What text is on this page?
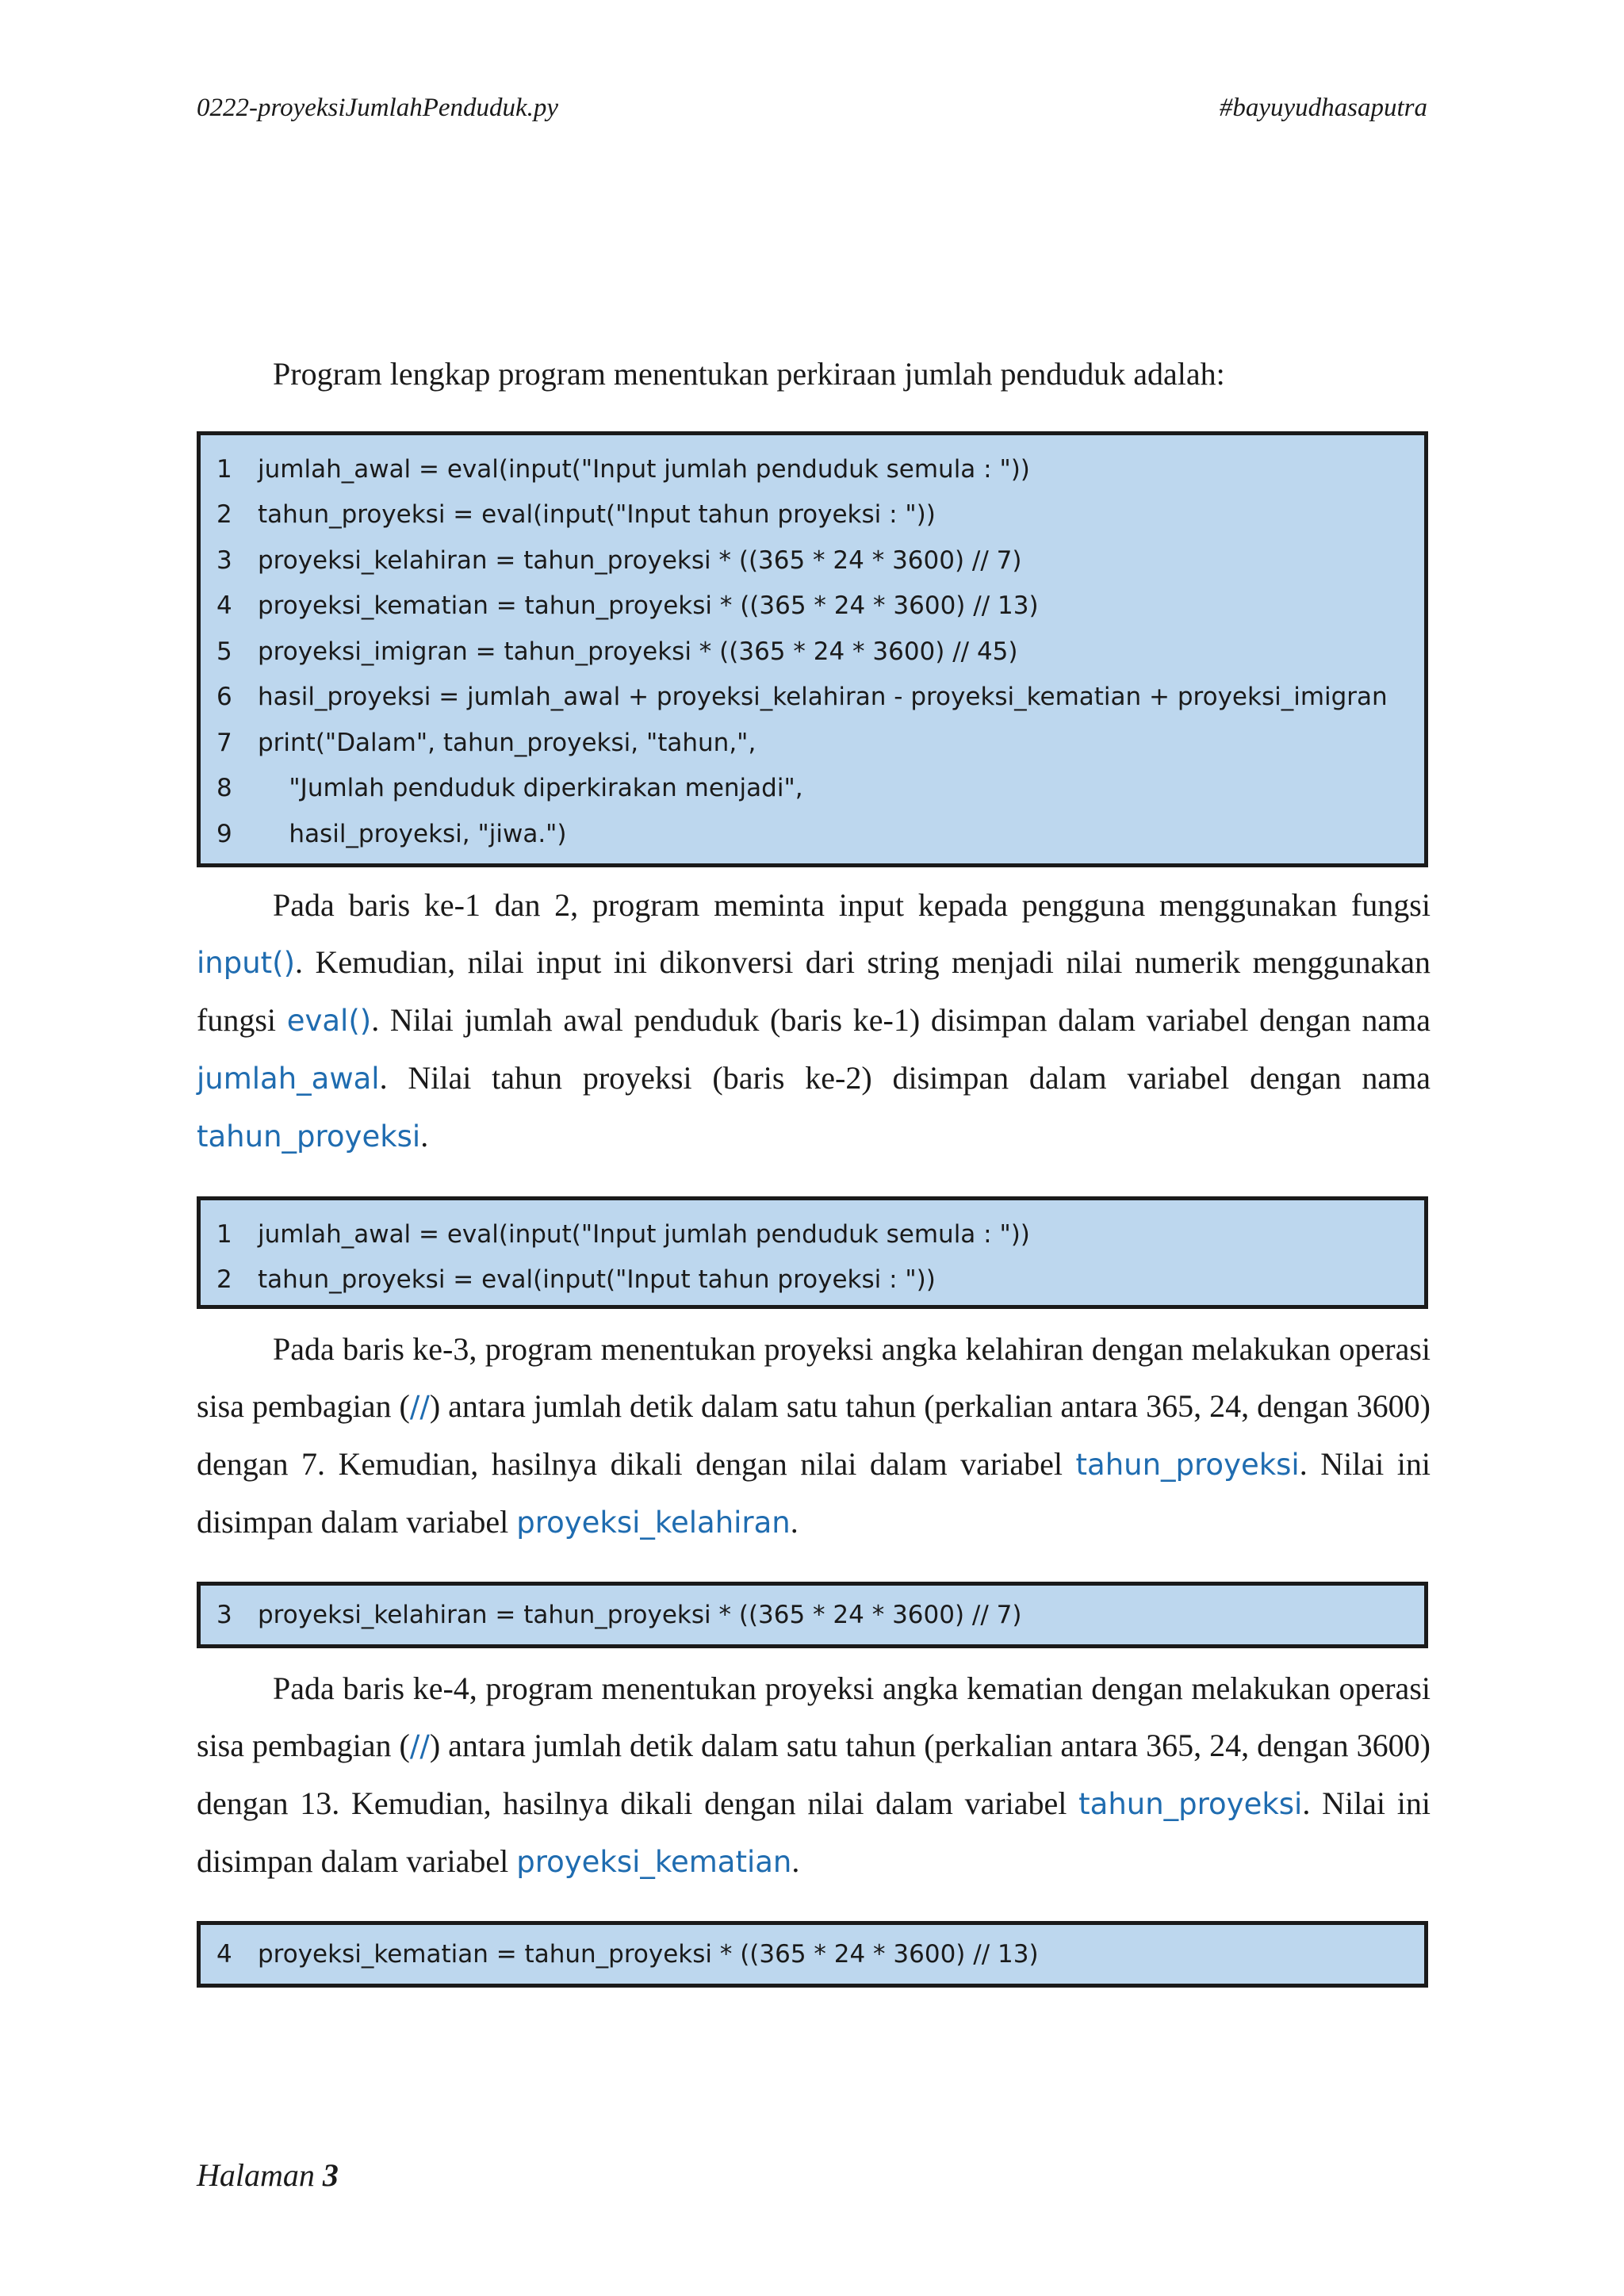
0222-proyeksiJumlahPenduduk.py	#bayuyudhasaputra

Program lengkap program menentukan perkiraan jumlah penduduk adalah:

1	jumlah_awal = eval(input("Input jumlah penduduk semula : "))
2	tahun_proyeksi = eval(input("Input tahun proyeksi : "))
3	proyeksi_kelahiran = tahun_proyeksi * ((365 * 24 * 3600) // 7)
4	proyeksi_kematian = tahun_proyeksi * ((365 * 24 * 3600) // 13)
5	proyeksi_imigran = tahun_proyeksi * ((365 * 24 * 3600) // 45)
6	hasil_proyeksi = jumlah_awal + proyeksi_kelahiran - proyeksi_kematian + proyeksi_imigran
7	print("Dalam", tahun_proyeksi, "tahun,",
8	"Jumlah penduduk diperkirakan menjadi",
9	hasil_proyeksi, "jiwa.")

Pada baris ke-1 dan 2, program meminta input kepada pengguna menggunakan fungsi input(). Kemudian, nilai input ini dikonversi dari string menjadi nilai numerik menggunakan fungsi eval(). Nilai jumlah awal penduduk (baris ke-1) disimpan dalam variabel dengan nama jumlah_awal. Nilai tahun proyeksi (baris ke-2) disimpan dalam variabel dengan nama tahun_proyeksi.

1	jumlah_awal = eval(input("Input jumlah penduduk semula : "))
2	tahun_proyeksi = eval(input("Input tahun proyeksi : "))

Pada baris ke-3, program menentukan proyeksi angka kelahiran dengan melakukan operasi sisa pembagian (//) antara jumlah detik dalam satu tahun (perkalian antara 365, 24, dengan 3600) dengan 7. Kemudian, hasilnya dikali dengan nilai dalam variabel tahun_proyeksi. Nilai ini disimpan dalam variabel proyeksi_kelahiran.

3	proyeksi_kelahiran = tahun_proyeksi * ((365 * 24 * 3600) // 7)

Pada baris ke-4, program menentukan proyeksi angka kematian dengan melakukan operasi sisa pembagian (//) antara jumlah detik dalam satu tahun (perkalian antara 365, 24, dengan 3600) dengan 13. Kemudian, hasilnya dikali dengan nilai dalam variabel tahun_proyeksi. Nilai ini disimpan dalam variabel proyeksi_kematian.

4	proyeksi_kematian = tahun_proyeksi * ((365 * 24 * 3600) // 13)
Halaman 3
